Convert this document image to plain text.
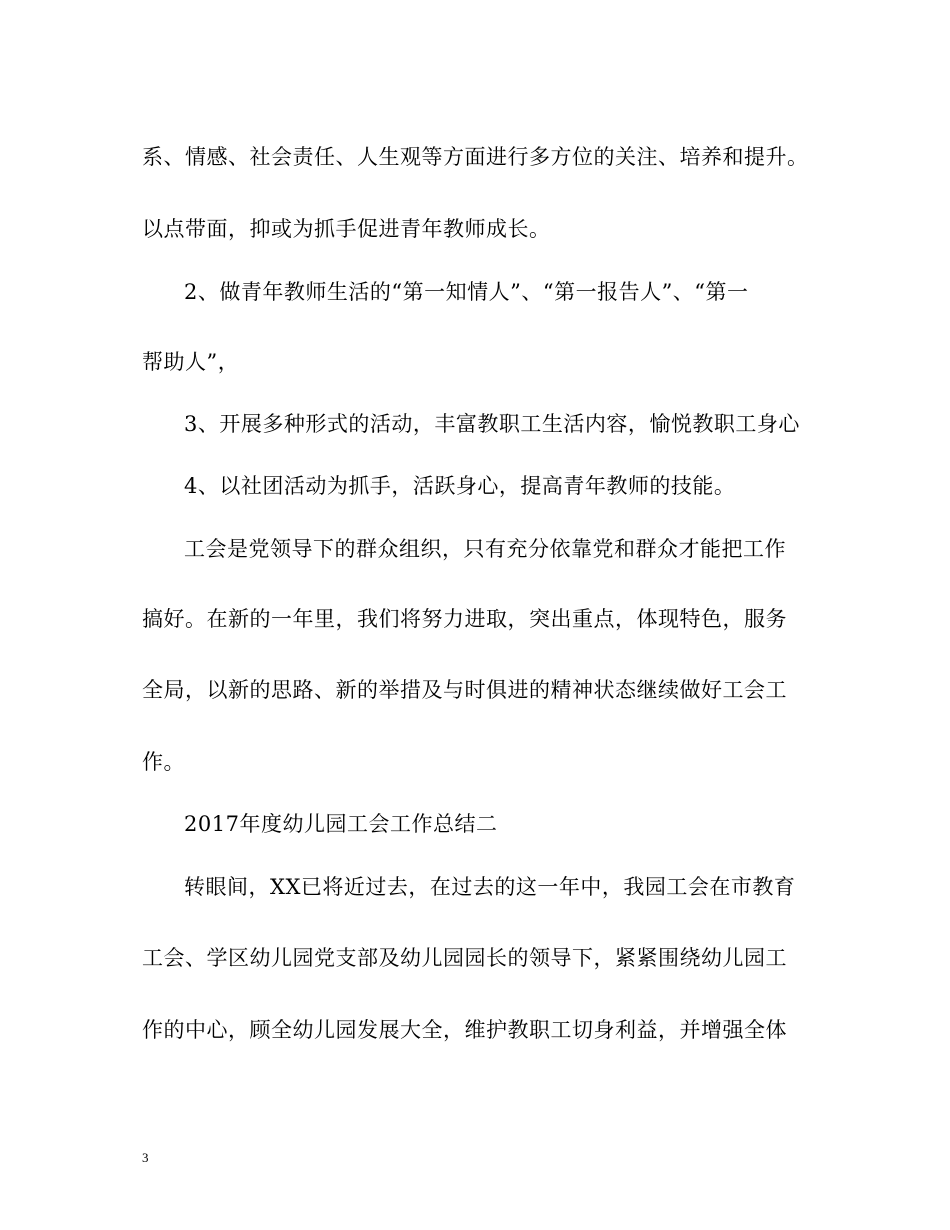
系、情感、社会责任、人生观等方面进行多方位的关注、培养和提升。
以点带面，抑或为抓手促进青年教师成长。
2、做青年教师生活的“第一知情人”、“第一报告人”、“第一
帮助人”，
3、开展多种形式的活动，丰富教职工生活内容，愉悦教职工身心
4、以社团活动为抓手，活跃身心，提高青年教师的技能。
工会是党领导下的群众组织，只有充分依靠党和群众才能把工作
搞好。在新的一年里，我们将努力进取，突出重点，体现特色，服务
全局，以新的思路、新的举措及与时俱进的精神状态继续做好工会工
作。
2017年度幼儿园工会工作总结二
转眼间，XX已将近过去，在过去的这一年中，我园工会在市教育
工会、学区幼儿园党支部及幼儿园园长的领导下，紧紧围绕幼儿园工
作的中心，顾全幼儿园发展大全，维护教职工切身利益，并增强全体
3
